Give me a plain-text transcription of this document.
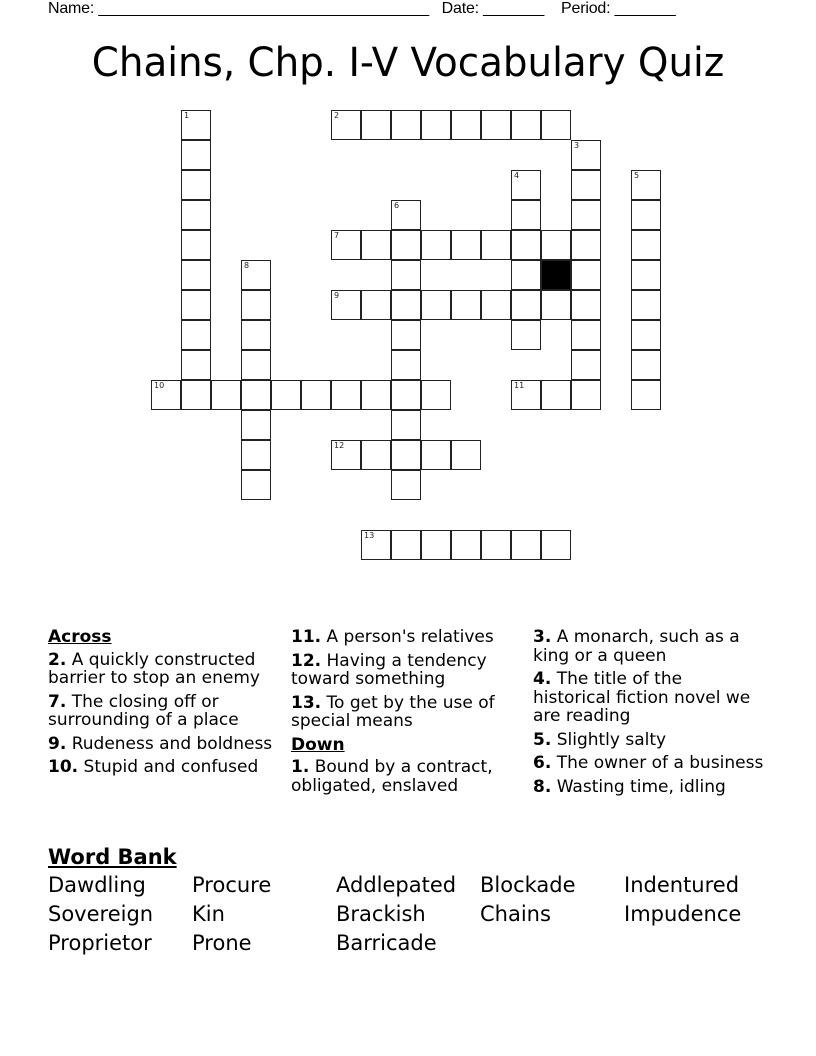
Name: ______________________________________ Date: _______ Period: _______
Chains, Chp. I-V Vocabulary Quiz
1	2
3
4	5
6
7
8
9
10	11
12
13
Across
2. A quickly constructed barrier to stop an enemy
7. The closing off or surrounding of a place
9. Rudeness and boldness
10. Stupid and confused
11. A person's relatives
12. Having a tendency toward something
13. To get by the use of special means
Down
1. Bound by a contract, obligated, enslaved
3. A monarch, such as a king or a queen
4. The title of the historical fiction novel we are reading
5. Slightly salty
6. The owner of a business
8. Wasting time, idling
Word Bank
Dawdling	Procure	Addlepated	Blockade	Indentured
Sovereign	Kin	Brackish	Chains	Impudence
Proprietor	Prone	Barricade
